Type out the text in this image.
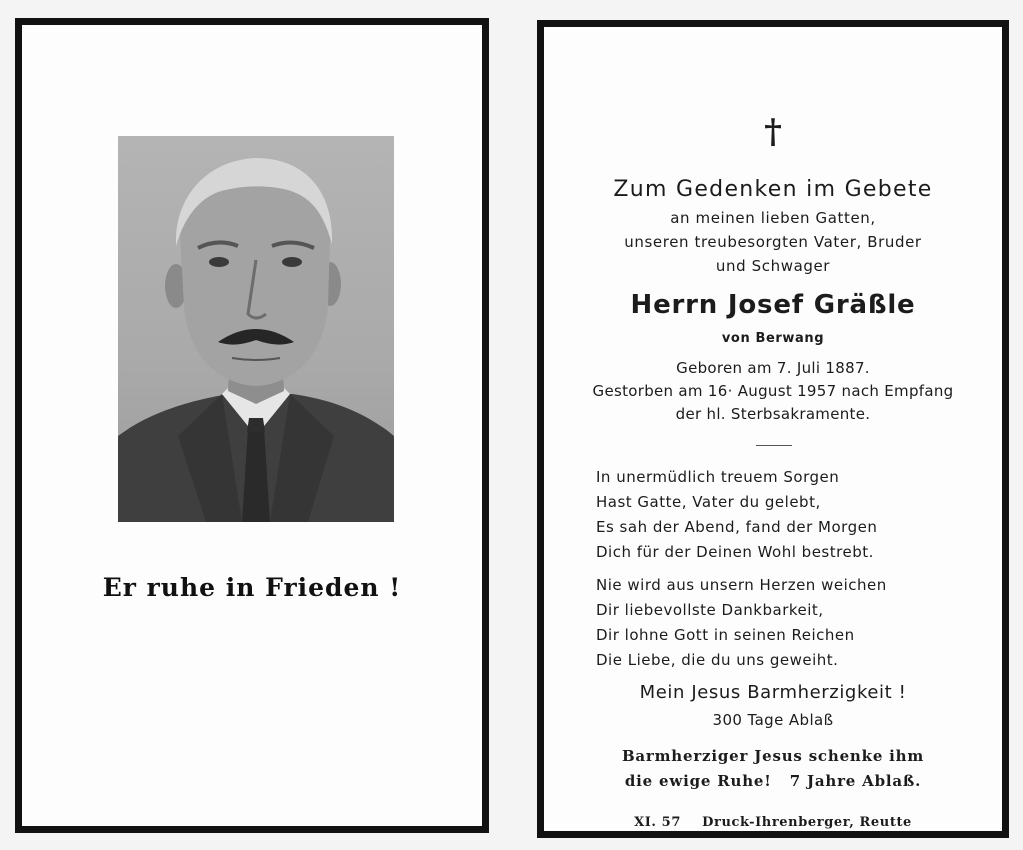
Er ruhe in Frieden !
†
Zum Gedenken im Gebete
an meinen lieben Gatten,
unseren treubesorgten Vater, Bruder
und Schwager
Herrn Josef Gräßle
von Berwang
Geboren am 7. Juli 1887.
Gestorben am 16· August 1957 nach Empfang
der hl. Sterbsakramente.
In unermüdlich treuem Sorgen
Hast Gatte, Vater du gelebt,
Es sah der Abend, fand der Morgen
Dich für der Deinen Wohl bestrebt.
Nie wird aus unsern Herzen weichen
Dir liebevollste Dankbarkeit,
Dir lohne Gott in seinen Reichen
Die Liebe, die du uns geweiht.
Mein Jesus Barmherzigkeit !
300 Tage Ablaß
Barmherziger Jesus schenke ihm
die ewige Ruhe!   7 Jahre Ablaß.
XI. 57 Druck-Ihrenberger, Reutte
